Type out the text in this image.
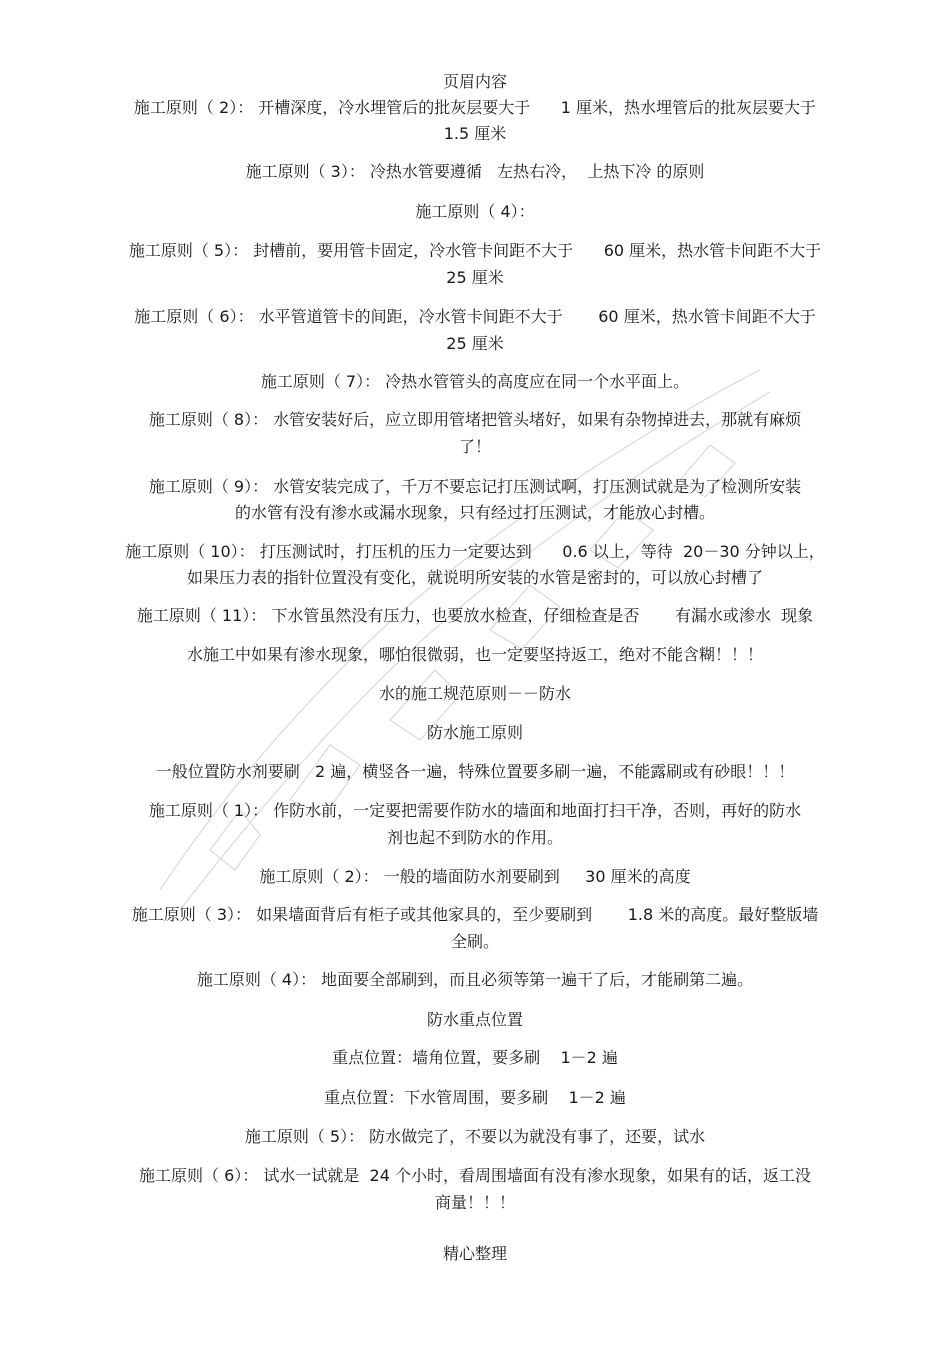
页眉内容
施工原则（ 2）： 开槽深度，冷水埋管后的批灰层要大于      1 厘米，热水埋管后的批灰层要大于
1.5 厘米
施工原则（ 3）： 冷热水管要遵循   左热右冷，  上热下冷 的原则
施工原则（ 4）：
施工原则（ 5）： 封槽前，要用管卡固定，冷水管卡间距不大于      60 厘米，热水管卡间距不大于
25 厘米
施工原则（ 6）： 水平管道管卡的间距，冷水管卡间距不大于       60 厘米，热水管卡间距不大于
25 厘米
施工原则（ 7）： 冷热水管管头的高度应在同一个水平面上。
施工原则（ 8）： 水管安装好后，应立即用管堵把管头堵好，如果有杂物掉进去，那就有麻烦
了！
施工原则（ 9）： 水管安装完成了，千万不要忘记打压测试啊，打压测试就是为了检测所安装
的水管有没有渗水或漏水现象，只有经过打压测试，才能放心封槽。
施工原则（ 10）： 打压测试时，打压机的压力一定要达到      0.6 以上，等待  20－30 分钟以上，
如果压力表的指针位置没有变化，就说明所安装的水管是密封的，可以放心封槽了
施工原则（ 11）： 下水管虽然没有压力，也要放水检查，仔细检查是否       有漏水或渗水  现象
水施工中如果有渗水现象，哪怕很微弱，也一定要坚持返工，绝对不能含糊！！！
水的施工规范原则－－防水
防水施工原则
一般位置防水剂要刷   2 遍，横竖各一遍，特殊位置要多刷一遍，不能露刷或有砂眼！！！
施工原则（ 1）： 作防水前，一定要把需要作防水的墙面和地面打扫干净，否则，再好的防水
剂也起不到防水的作用。
施工原则（ 2）： 一般的墙面防水剂要刷到     30 厘米的高度
施工原则（ 3）： 如果墙面背后有柜子或其他家具的，至少要刷到       1.8 米的高度。最好整版墙
全刷。
施工原则（ 4）： 地面要全部刷到，而且必须等第一遍干了后，才能刷第二遍。
防水重点位置
重点位置：墙角位置，要多刷    1－2 遍
重点位置：下水管周围，要多刷    1－2 遍
施工原则（ 5）： 防水做完了，不要以为就没有事了，还要，试水
施工原则（ 6）： 试水一试就是  24 个小时，看周围墙面有没有渗水现象，如果有的话，返工没
商量！！！
精心整理
